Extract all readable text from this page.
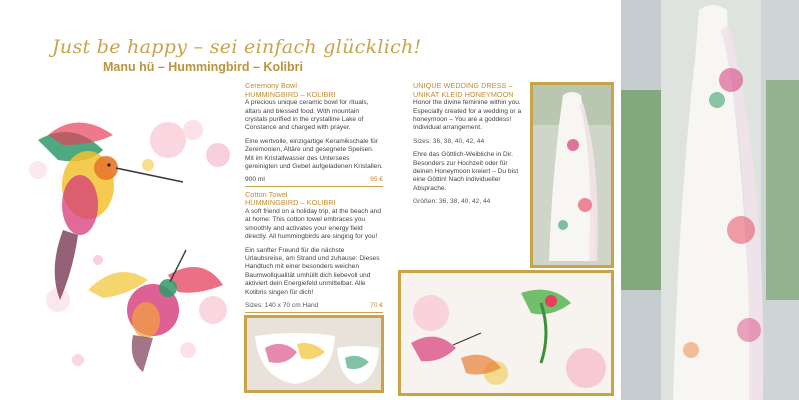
Just be happy – sei einfach glücklich!
Manu hü – Hummingbird – Kolibri
Ceremony Bowl
HUMMINGBIRD – KOLIBRI

A precious unique ceramic bowl for rituals, altars and blessed food. With mountain crystals purified in the crystalline Lake of Constance and charged with prayer.

Eine wertvolle, einzigartige Keramikschale für Zeremonien, Altäre und gesegnete Speisen. Mit im Kristallwasser des Untersees gereinigten und Gebet aufgeladenen Kristallen.

900 ml	95 €
Cotton Towel
HUMMINGBIRD – KOLIBRI

A soft friend on a holiday trip, at the beach and at home: This cotton towel embraces you smoothly and activates your energy field directly. All hummingbirds are singing for you!

Ein sanfter Freund für die nächste Urlaubsreise, am Strand und zuhause: Dieses Handtuch mit einer besonders weichen Baumwollqualität umhüllt dich liebevoll und aktiviert dein Energiefeld unmittelbar. Alle Kolibris singen für dich!

Sizes: 140 x 70 cm Hand	70 €
UNIQUE WEDDING DRESS –
UNIKAT KLEID HONEYMOON

Honor the divine feminine within you. Especially created for a wedding or a honeymoon – You are a goddess! Individual arrangement.

Sizes: 36, 38, 40, 42, 44

Ehre das Göttlich-Weibliche in Dir. Besonders zur Hochzeit oder für deinen Honeymoon kreiert – Du bist eine Göttin! Nach individueller Absprache.

Größen: 36, 38, 40, 42, 44
